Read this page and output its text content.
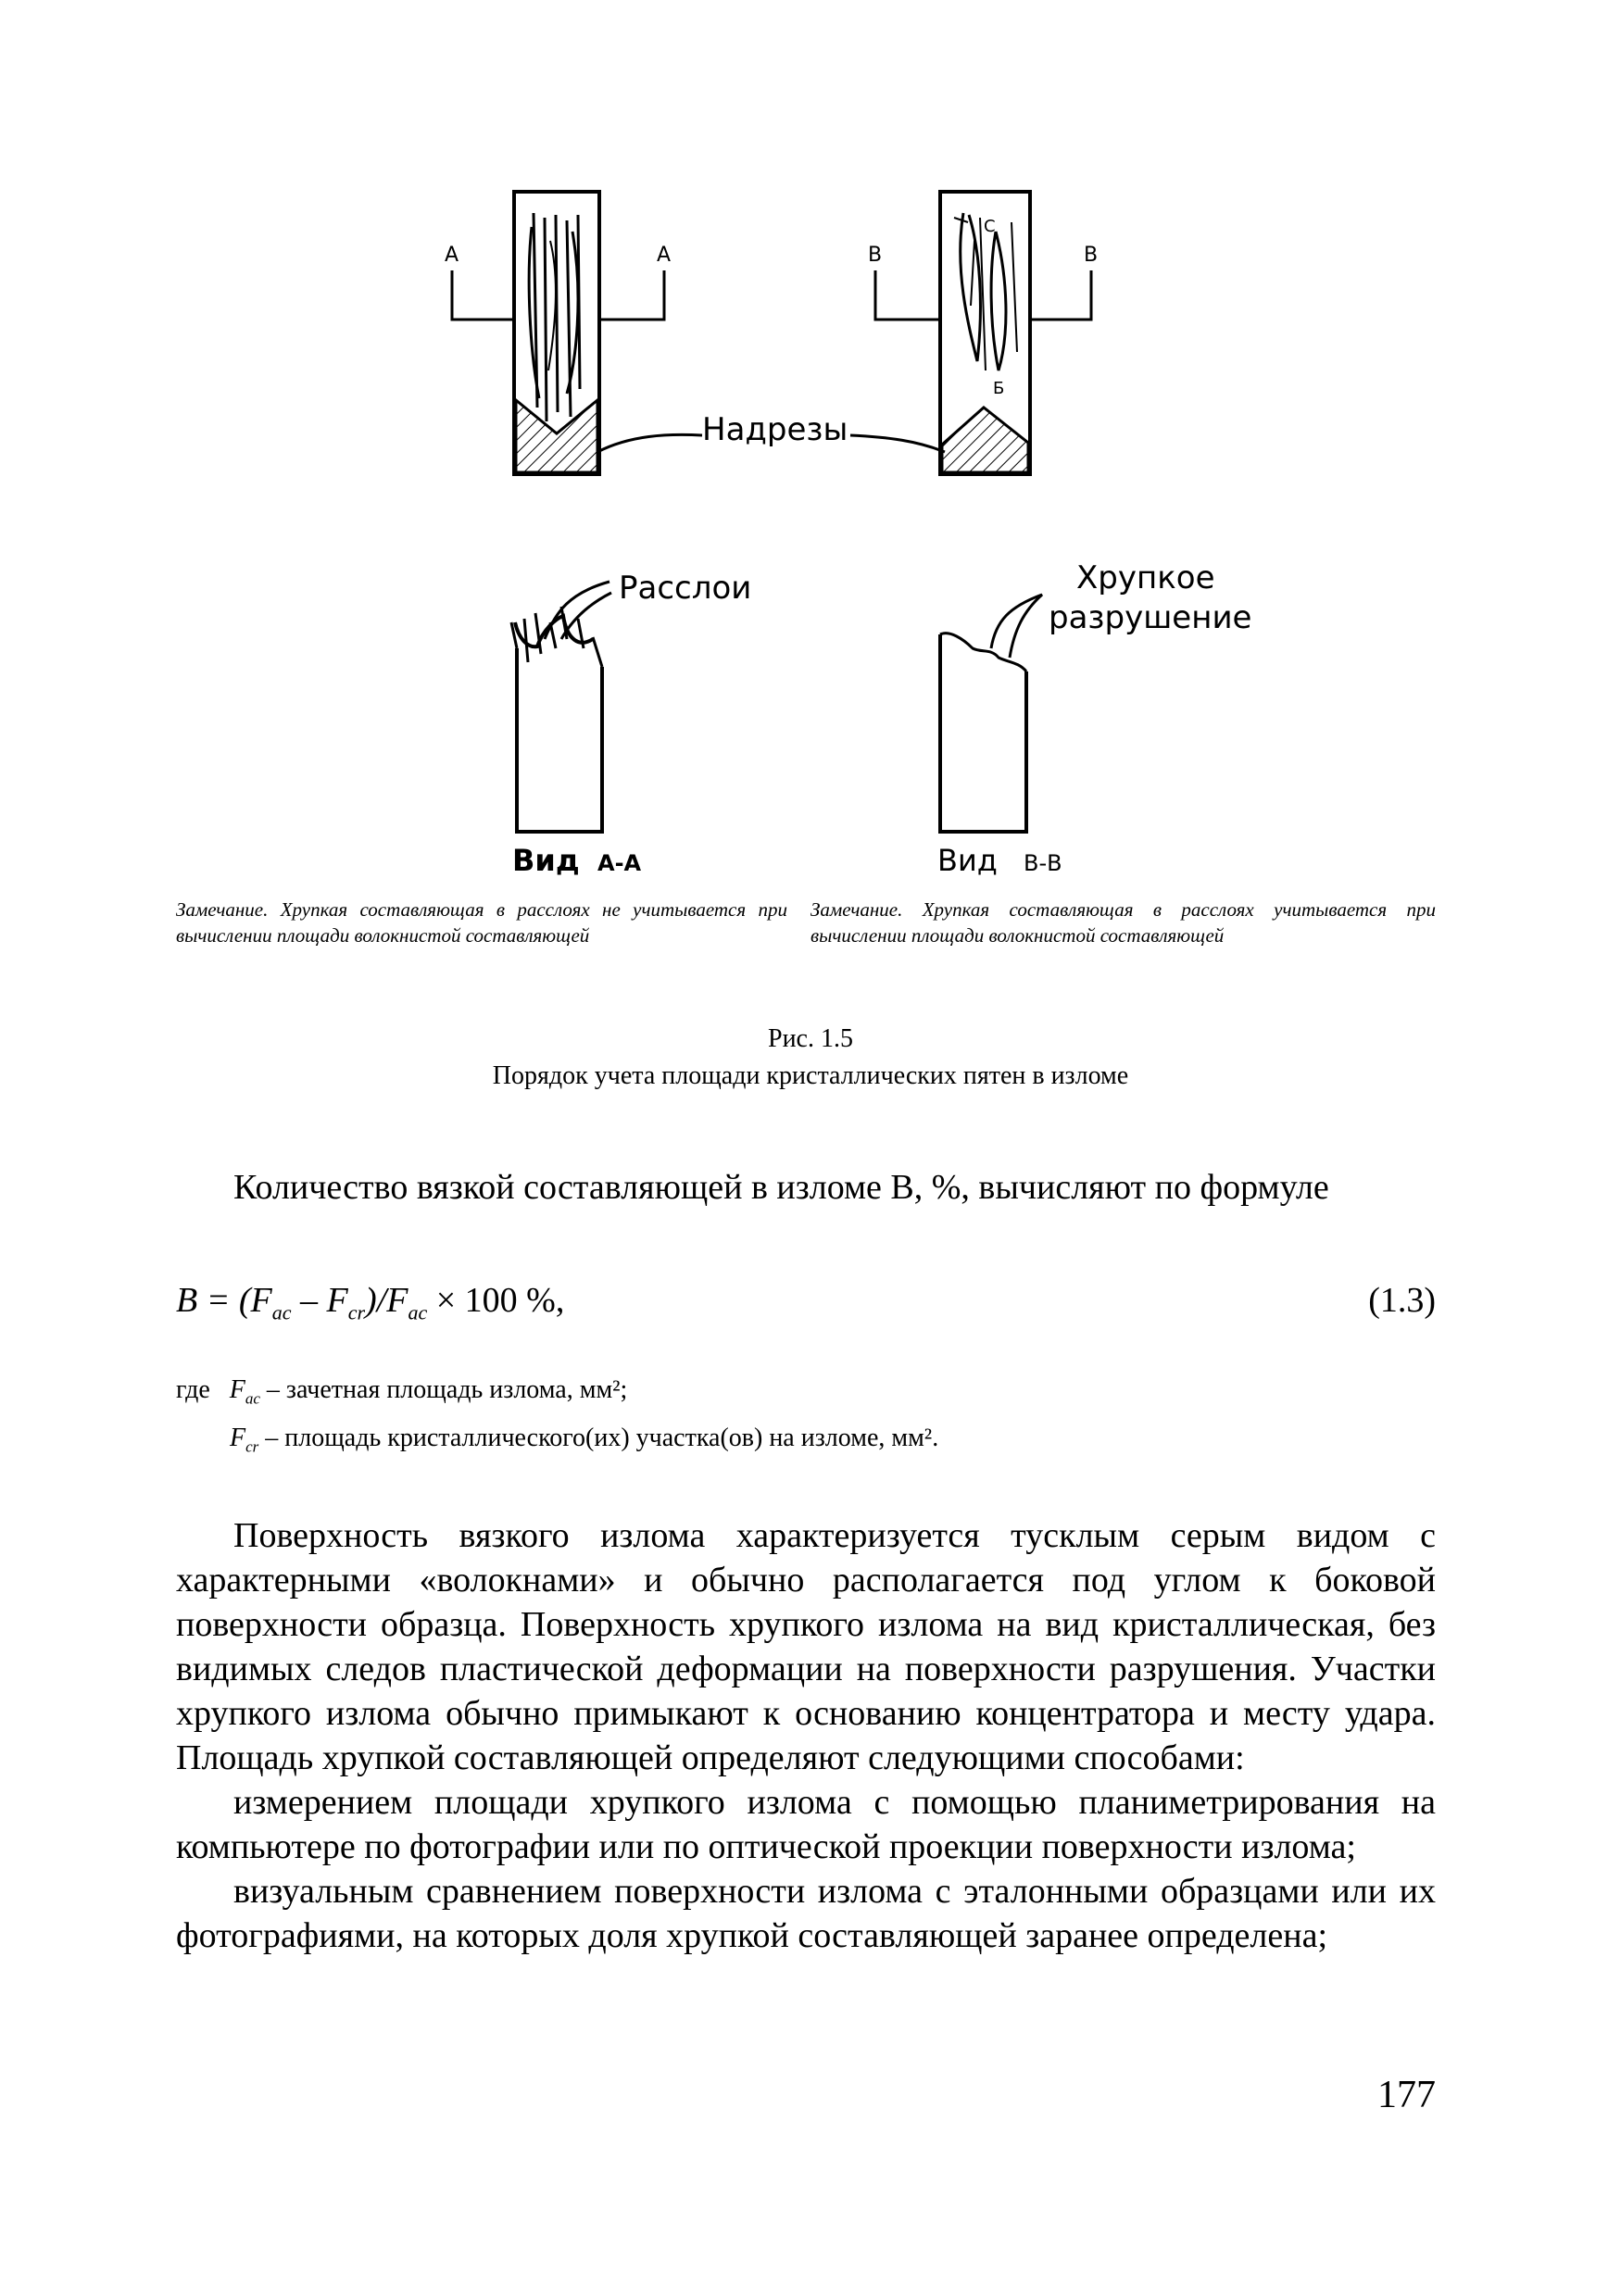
А	А	В	В
С
Б
Надрезы
Расслои	Хрупкое
разрушение
Вид А-А	Вид В-В
Замечание. Хрупкая составляющая в расслоях не учитывается при вычислении площади волокнистой составляющей
Замечание. Хрупкая составляющая в расслоях учитывается при вычислении площади волокнистой составляющей
Рис. 1.5
Порядок учета площади кристаллических пятен в изломе

Количество вязкой составляющей в изломе B, %, вычисляют по формуле

$B = (F_{ac} - F_{cr})/F_{ac} \times 100$ %,	(1.3)
где $F_{ac}$ – зачетная площадь излома, мм²;
$F_{cr}$ – площадь кристаллического(их) участка(ов) на изломе, мм².

Поверхность вязкого излома характеризуется тусклым серым видом с характерными «волокнами» и обычно располагается под углом к боковой поверхности образца. Поверхность хрупкого излома на вид кристаллическая, без видимых следов пластической деформации на поверхности разрушения. Участки хрупкого излома обычно примыкают к основанию концентратора и месту удара. Площадь хрупкой составляющей определяют следующими способами:

измерением площади хрупкого излома с помощью планиметрирования на компьютере по фотографии или по оптической проекции поверхности излома;

визуальным сравнением поверхности излома с эталонными образцами или их фотографиями, на которых доля хрупкой составляющей заранее определена;

177
